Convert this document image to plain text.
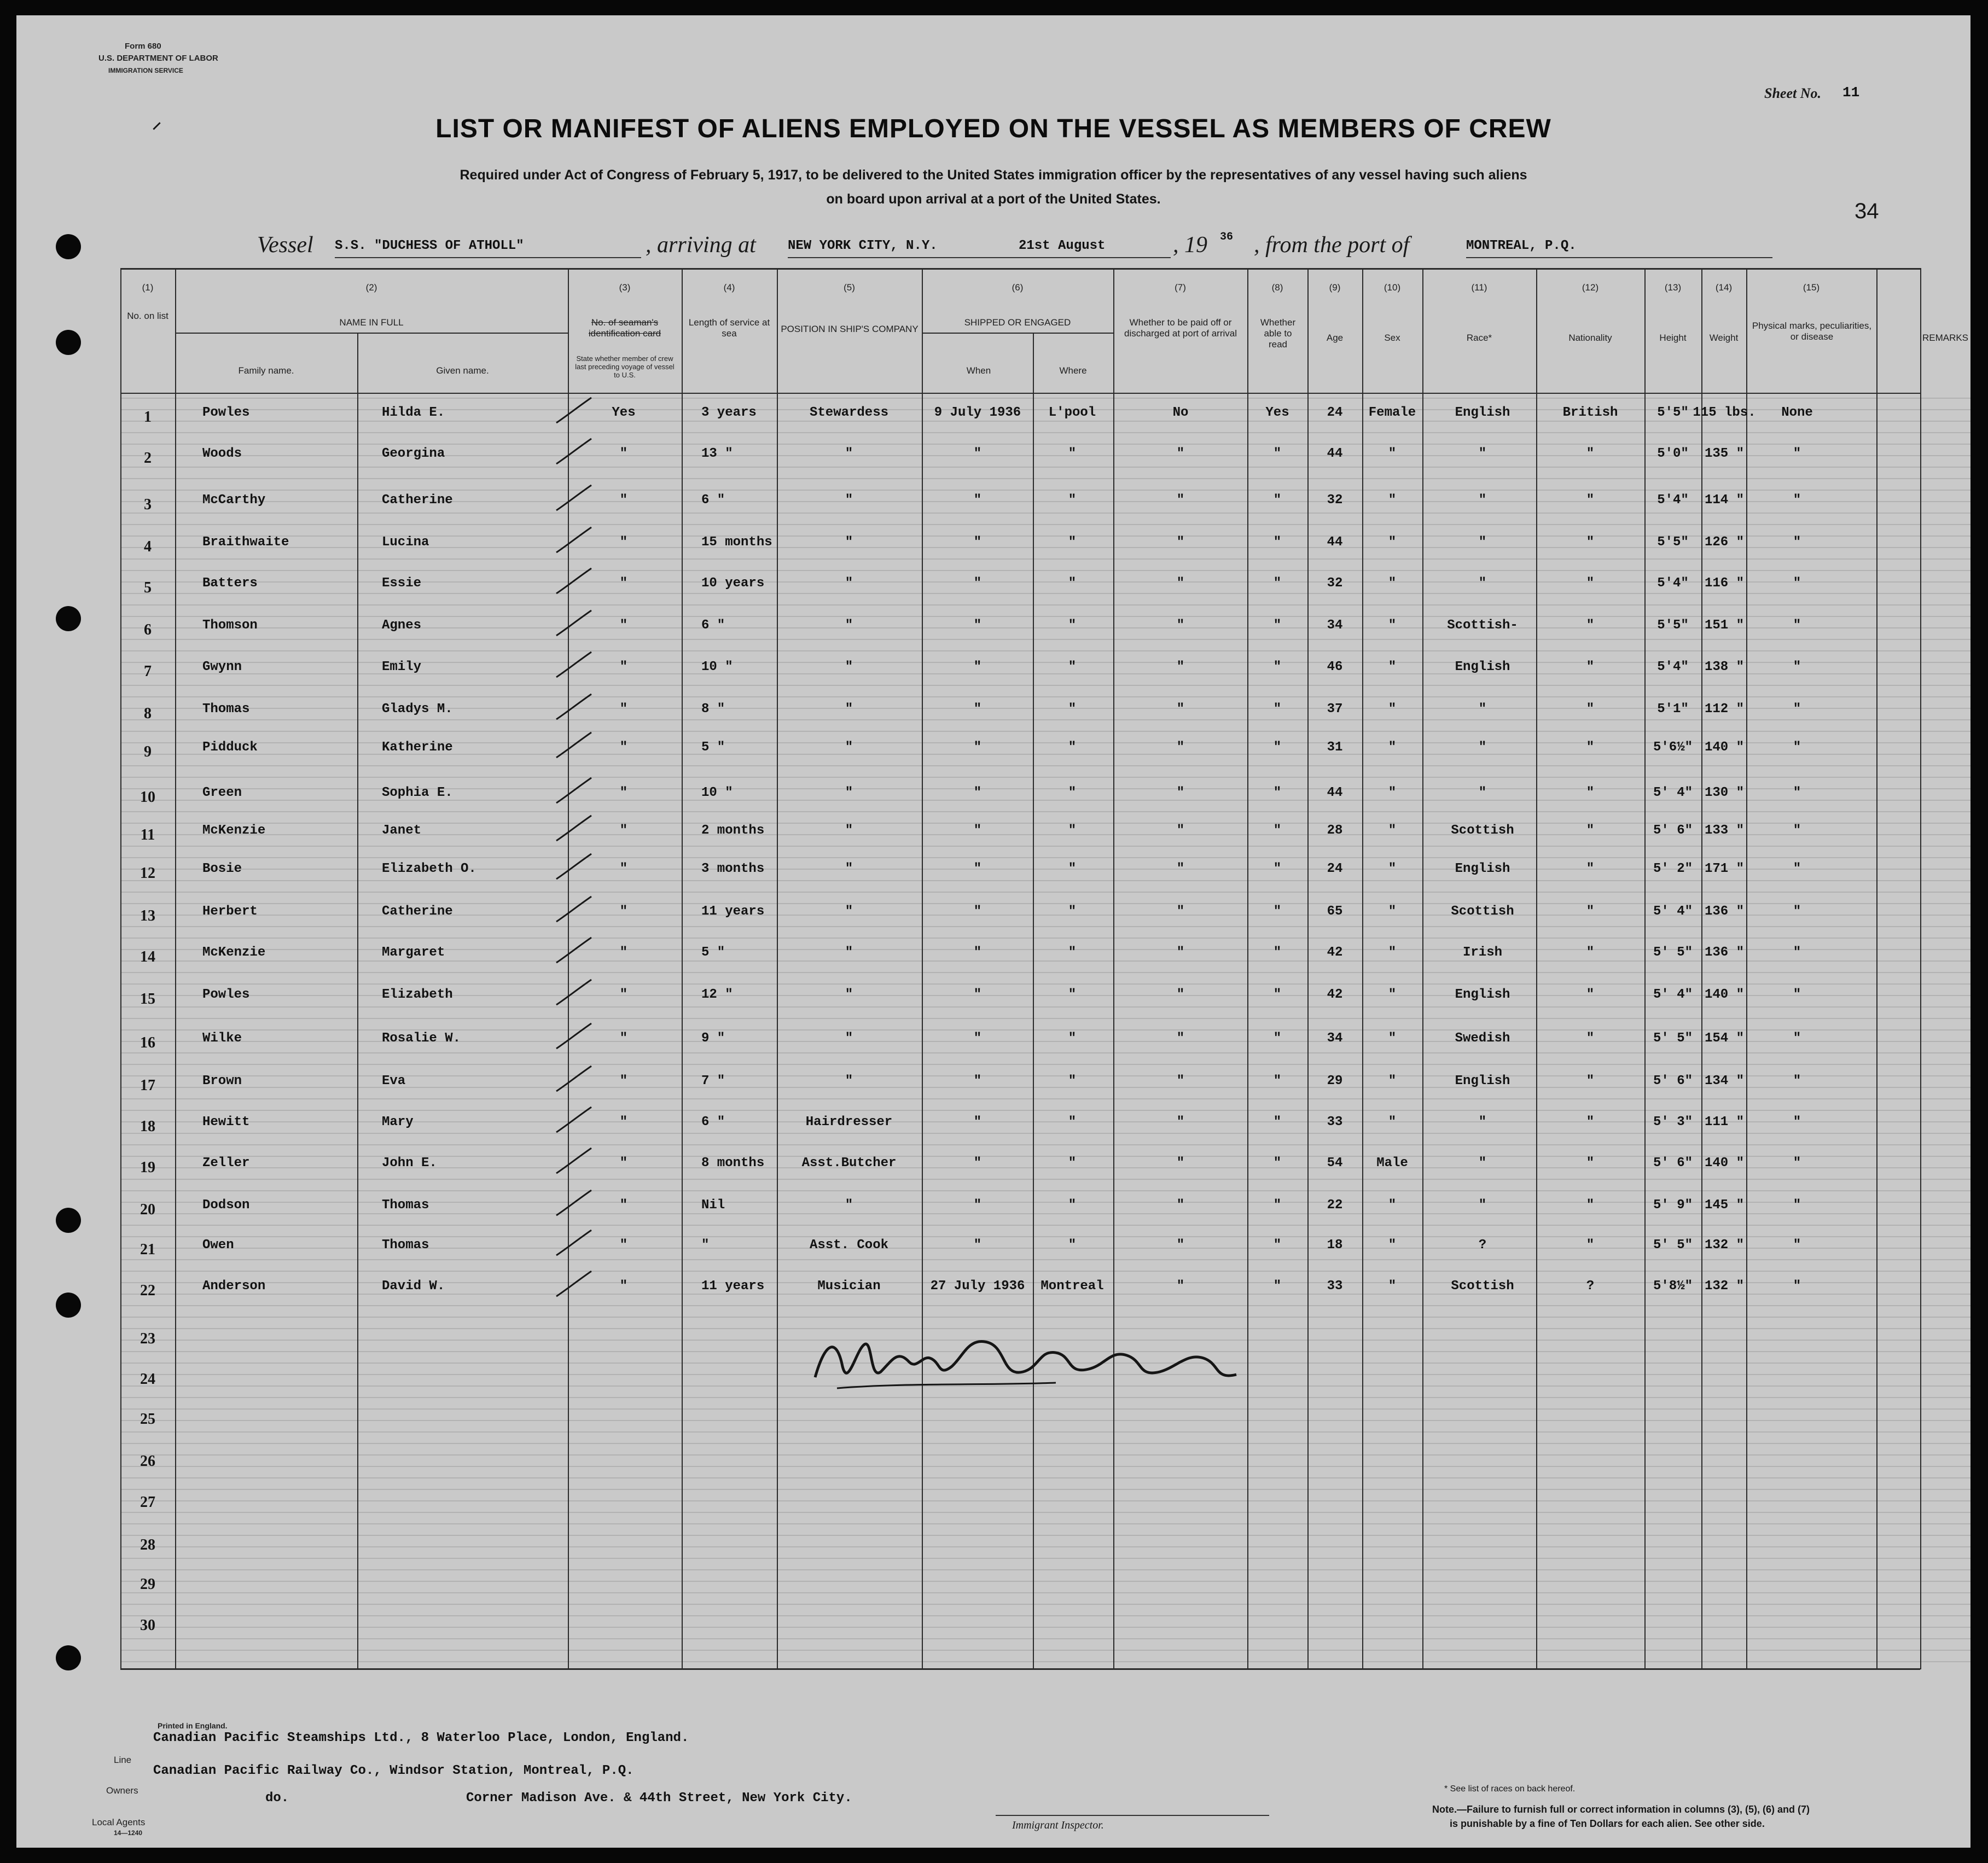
Form 680
U.S. DEPARTMENT OF LABOR
IMMIGRATION SERVICE
⸝
Sheet No. 11
34
LIST OR MANIFEST OF ALIENS EMPLOYED ON THE VESSEL AS MEMBERS OF CREW
Required under Act of Congress of February 5, 1917, to be delivered to the United States immigration officer by the representatives of any vessel having such aliens
on board upon arrival at a port of the United States.
Vessel S.S. "DUCHESS OF ATHOLL"	, arriving at NEW YORK CITY, N.Y.	21st August	, 19 36 , from the port of	MONTREAL, P.Q.
(1)	(2)	(3)	(4)	(5)	(6)	(7)	(8)	(9)	(10)	(11)	(12)	(13)	(14)	(15)
No. on list
NAME IN FULL
Family name.	Given name.
No. of seaman's identification card
State whether member of crew last preceding voyage of vessel to U.S.
Length of service at sea	POSITION IN SHIP'S COMPANY
SHIPPED OR ENGAGED
When	Where
Whether to be paid off or discharged at port of arrival
Whether able to read
Age	Sex	Race*	Nationality	Height	Weight
Physical marks, peculiarities, or disease	REMARKS
1	Powles	Hilda E.	Yes	3 years	Stewardess	9 July 1936	L'pool	No	Yes	24	Female	English	British	5'5" 115 lbs.	None
2	Woods	Georgina	"	13 "	"	"	"	"	"	44	"	"	"	5'0"	135 "	"
3	McCarthy	Catherine	"	6 "	"	"	"	"	"	32	"	"	"	5'4"	114 "	"
4	Braithwaite	Lucina	"	15 months	"	"	"	"	"	44	"	"	"	5'5"	126 "	"
5	Batters	Essie	"	10 years	"	"	"	"	"	32	"	"	"	5'4"	116 "	"
6	Thomson	Agnes	"	6 "	"	"	"	"	"	34	"	Scottish-	"	5'5"	151 "	"
7	Gwynn	Emily	"	10 "	"	"	"	"	"	46	"	English	"	5'4"	138 "	"
8	Thomas	Gladys M.	"	8 "	"	"	"	"	"	37	"	"	"	5'1"	112 "	"
9	Pidduck	Katherine	"	5 "	"	"	"	"	"	31	"	"	"	5'6½" 140 "	"
10	Green	Sophia E.	"	10 "	"	"	"	"	"	44	"	"	"	5' 4" 130 "	"
11	McKenzie	Janet	"	2 months	"	"	"	"	"	28	"	Scottish	"	5' 6" 133 "	"
12	Bosie	Elizabeth O.	"	3 months	"	"	"	"	"	24	"	English	"	5' 2" 171 "	"
13	Herbert	Catherine	"	11 years	"	"	"	"	"	65	"	Scottish	"	5' 4" 136 "	"
14	McKenzie	Margaret	"	5 "	"	"	"	"	"	42	"	Irish	"	5' 5" 136 "	"
15	Powles	Elizabeth	"	12 "	"	"	"	"	"	42	"	English	"	5' 4" 140 "	"
16	Wilke	Rosalie W.	"	9 "	"	"	"	"	"	34	"	Swedish	"	5' 5" 154 "	"
17	Brown	Eva	"	7 "	"	"	"	"	"	29	"	English	"	5' 6" 134 "	"
18	Hewitt	Mary	"	6 "	Hairdresser	"	"	"	"	33	"	"	"	5' 3" 111 "	"
19	Zeller	John E.	"	8 months	Asst.Butcher	"	"	"	"	54	Male	"	"	5' 6" 140 "	"
20	Dodson	Thomas	"	Nil	"	"	"	"	"	22	"	"	"	5' 9" 145 "	"
21	Owen	Thomas	"	"	Asst. Cook	"	"	"	"	18	"	?	"	5' 5" 132 "	"
22	Anderson	David W.	"	11 years	Musician	27 July 1936	Montreal	"	"	33	"	Scottish	?	5'8½" 132 "	"
23
24
25
26
27
28
29
30
Printed in England.
Canadian Pacific Steamships Ltd., 8 Waterloo Place, London, England.
Line
Canadian Pacific Railway Co., Windsor Station, Montreal, P.Q.
Owners
do.	Corner Madison Ave. & 44th Street, New York City.
Local Agents
14—1240
Immigrant Inspector.
* See list of races on back hereof.
Note.—Failure to furnish full or correct information in columns (3), (5), (6) and (7)
is punishable by a fine of Ten Dollars for each alien. See other side.
